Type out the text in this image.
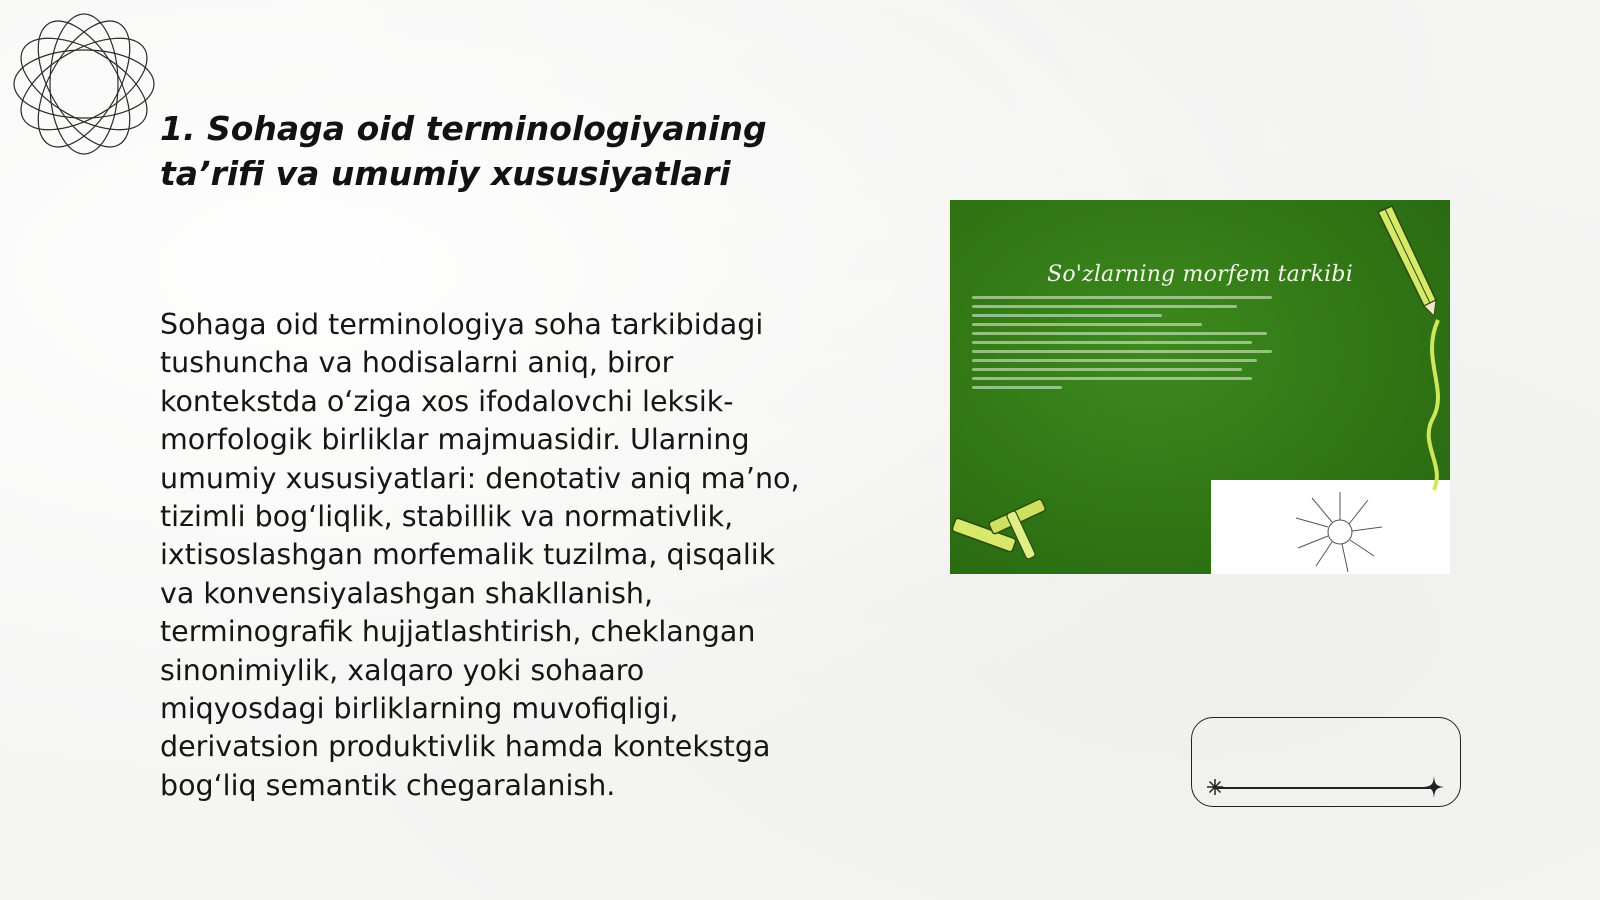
1. Sohaga oid terminologiyaning
ta’rifi va umumiy xususiyatlari

Sohaga oid terminologiya soha tarkibidagi
tushuncha va hodisalarni aniq, biror
kontekstda o‘ziga xos ifodalovchi leksik-
morfologik birliklar majmuasidir. Ularning
umumiy xususiyatlari: denotativ aniq ma’no,
tizimli bog‘liqlik, stabillik va normativlik,
ixtisoslashgan morfemalik tuzilma, qisqalik
va konvensiyalashgan shakllanish,
terminografik hujjatlashtirish, cheklangan
sinonimiylik, xalqaro yoki sohaaro
miqyosdagi birliklarning muvofiqligi,
derivatsion produktivlik hamda kontekstga
bog‘liq semantik chegaralanish.

So'zlarning morfem tarkibi
